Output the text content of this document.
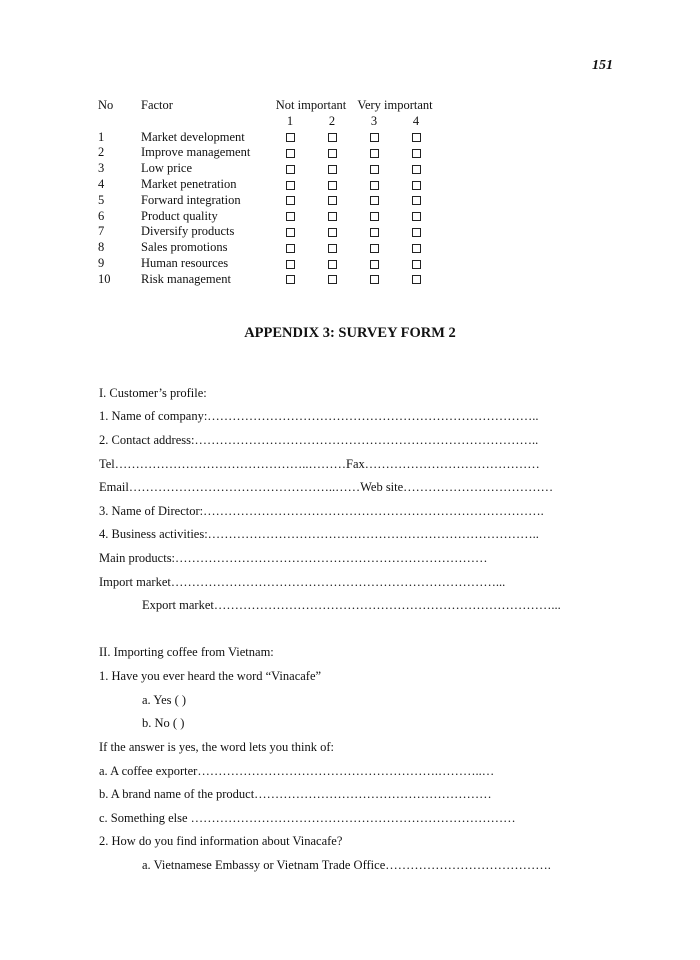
151
No	Factor	Not important		Very important	
		1	2	3	4
1	Market development				
2	Improve management				
3	Low price				
4	Market penetration				
5	Forward integration				
6	Product quality				
7	Diversify products				
8	Sales promotions				
9	Human resources				
10	Risk management				
APPENDIX 3: SURVEY FORM 2
I. Customer’s profile:
1. Name of company:……………………………………………………………………..
2. Contact address:………………………………………………………………………..
Tel………………………………………..………Fax……………………………………
Email…………………………………………..……Web site………………………………
3. Name of Director:……………………………………………………………………….
4. Business activities:……………………………………………………………………..
Main products:…………………………………………………………………
Import market……………………………………………………………………...
Export market………………………………………………………………………...
II. Importing coffee from Vietnam:
1. Have you ever heard the word “Vinacafe”
a. Yes ( )
b. No ( )
If the answer is yes, the word lets you think of:
a. A coffee exporter………………………………………………….………..…
b. A brand name of the product…………………………………………………
c. Something else ……………………………………………………………………
2. How do you find information about Vinacafe?
a. Vietnamese Embassy or Vietnam Trade Office………………………………….
